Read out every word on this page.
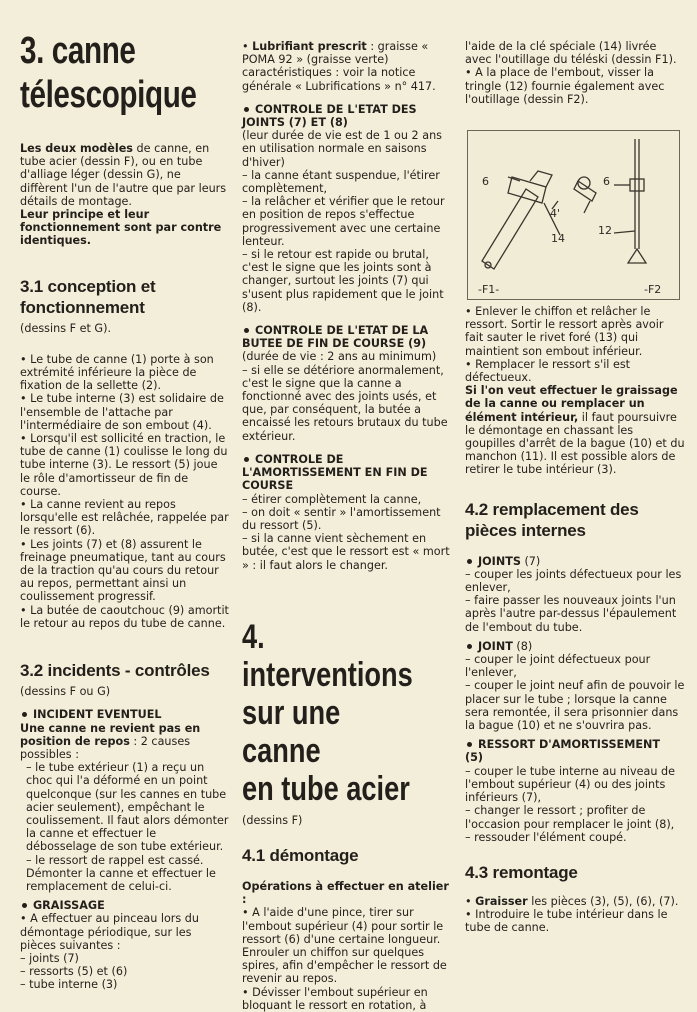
3. canne
télescopique

Les deux modèles de canne, en tube acier (dessin F), ou en tube d'alliage léger (dessin G), ne diffèrent l'un de l'autre que par leurs détails de montage.

Leur principe et leur fonctionnement sont par contre identiques.

3.1 conception et fonctionnement

(dessins F et G).

• Le tube de canne (1) porte à son extrémité inférieure la pièce de fixation de la sellette (2).

• Le tube interne (3) est solidaire de l'ensemble de l'attache par l'intermédiaire de son embout (4).

• Lorsqu'il est sollicité en traction, le tube de canne (1) coulisse le long du tube interne (3). Le ressort (5) joue le rôle d'amortisseur de fin de course.

• La canne revient au repos lorsqu'elle est relâchée, rappelée par le ressort (6).

• Les joints (7) et (8) assurent le freinage pneumatique, tant au cours de la traction qu'au cours du retour au repos, permettant ainsi un coulissement progressif.

• La butée de caoutchouc (9) amortit le retour au repos du tube de canne.

3.2 incidents - contrôles

(dessins F ou G)

INCIDENT EVENTUEL

Une canne ne revient pas en position de repos : 2 causes possibles :

– le tube extérieur (1) a reçu un choc qui l'a déformé en un point quelconque (sur les cannes en tube acier seulement), empêchant le coulissement. Il faut alors démonter la canne et effectuer le débosselage de son tube extérieur.

– le ressort de rappel est cassé. Démonter la canne et effectuer le remplacement de celui-ci.

GRAISSAGE

• A effectuer au pinceau lors du démontage périodique, sur les pièces suivantes :

– joints (7)

– ressorts (5) et (6)

– tube interne (3)

• Lubrifiant prescrit : graisse « POMA 92 » (graisse verte) caractéristiques : voir la notice générale « Lubrifications » n° 417.

CONTROLE DE L'ETAT DES JOINTS (7) ET (8)

(leur durée de vie est de 1 ou 2 ans en utilisation normale en saisons d'hiver)

– la canne étant suspendue, l'étirer complètement,

– la relâcher et vérifier que le retour en position de repos s'effectue progressivement avec une certaine lenteur.

– si le retour est rapide ou brutal, c'est le signe que les joints sont à changer, surtout les joints (7) qui s'usent plus rapidement que le joint (8).

CONTROLE DE L'ETAT DE LA BUTEE DE FIN DE COURSE (9)

(durée de vie : 2 ans au minimum)

– si elle se détériore anormalement, c'est le signe que la canne a fonctionné avec des joints usés, et que, par conséquent, la butée a encaissé les retours brutaux du tube extérieur.

CONTROLE DE L'AMORTISSEMENT EN FIN DE COURSE

– étirer complètement la canne,

– on doit « sentir » l'amortissement du ressort (5).

– si la canne vient sèchement en butée, c'est que le ressort est « mort » : il faut alors le changer.

4.
interventions
sur une canne
en tube acier

(dessins F)

4.1 démontage

Opérations à effectuer en atelier :

• A l'aide d'une pince, tirer sur l'embout supérieur (4) pour sortir le ressort (6) d'une certaine longueur. Enrouler un chiffon sur quelques spires, afin d'empêcher le ressort de revenir au repos.

• Dévisser l'embout supérieur en bloquant le ressort en rotation, à

l'aide de la clé spéciale (14) livrée avec l'outillage du téléski (dessin F1).

• A la place de l'embout, visser la tringle (12) fournie également avec l'outillage (dessin F2).

-F1-	-F2
6
4'
14
6
12

• Enlever le chiffon et relâcher le ressort. Sortir le ressort après avoir fait sauter le rivet foré (13) qui maintient son embout inférieur.

• Remplacer le ressort s'il est défectueux.

Si l'on veut effectuer le graissage de la canne ou remplacer un élément intérieur, il faut poursuivre le démontage en chassant les goupilles d'arrêt de la bague (10) et du manchon (11). Il est possible alors de retirer le tube intérieur (3).

4.2 remplacement des pièces internes

JOINTS (7)

– couper les joints défectueux pour les enlever,

– faire passer les nouveaux joints l'un après l'autre par-dessus l'épaulement de l'embout du tube.

JOINT (8)

– couper le joint défectueux pour l'enlever,

– couper le joint neuf afin de pouvoir le placer sur le tube ; lorsque la canne sera remontée, il sera prisonnier dans la bague (10) et ne s'ouvrira pas.

RESSORT D'AMORTISSEMENT

(5)

– couper le tube interne au niveau de l'embout supérieur (4) ou des joints inférieurs (7),

– changer le ressort ; profiter de l'occasion pour remplacer le joint (8),

– ressouder l'élément coupé.

4.3 remontage

• Graisser les pièces (3), (5), (6), (7).

• Introduire le tube intérieur dans le tube de canne.
